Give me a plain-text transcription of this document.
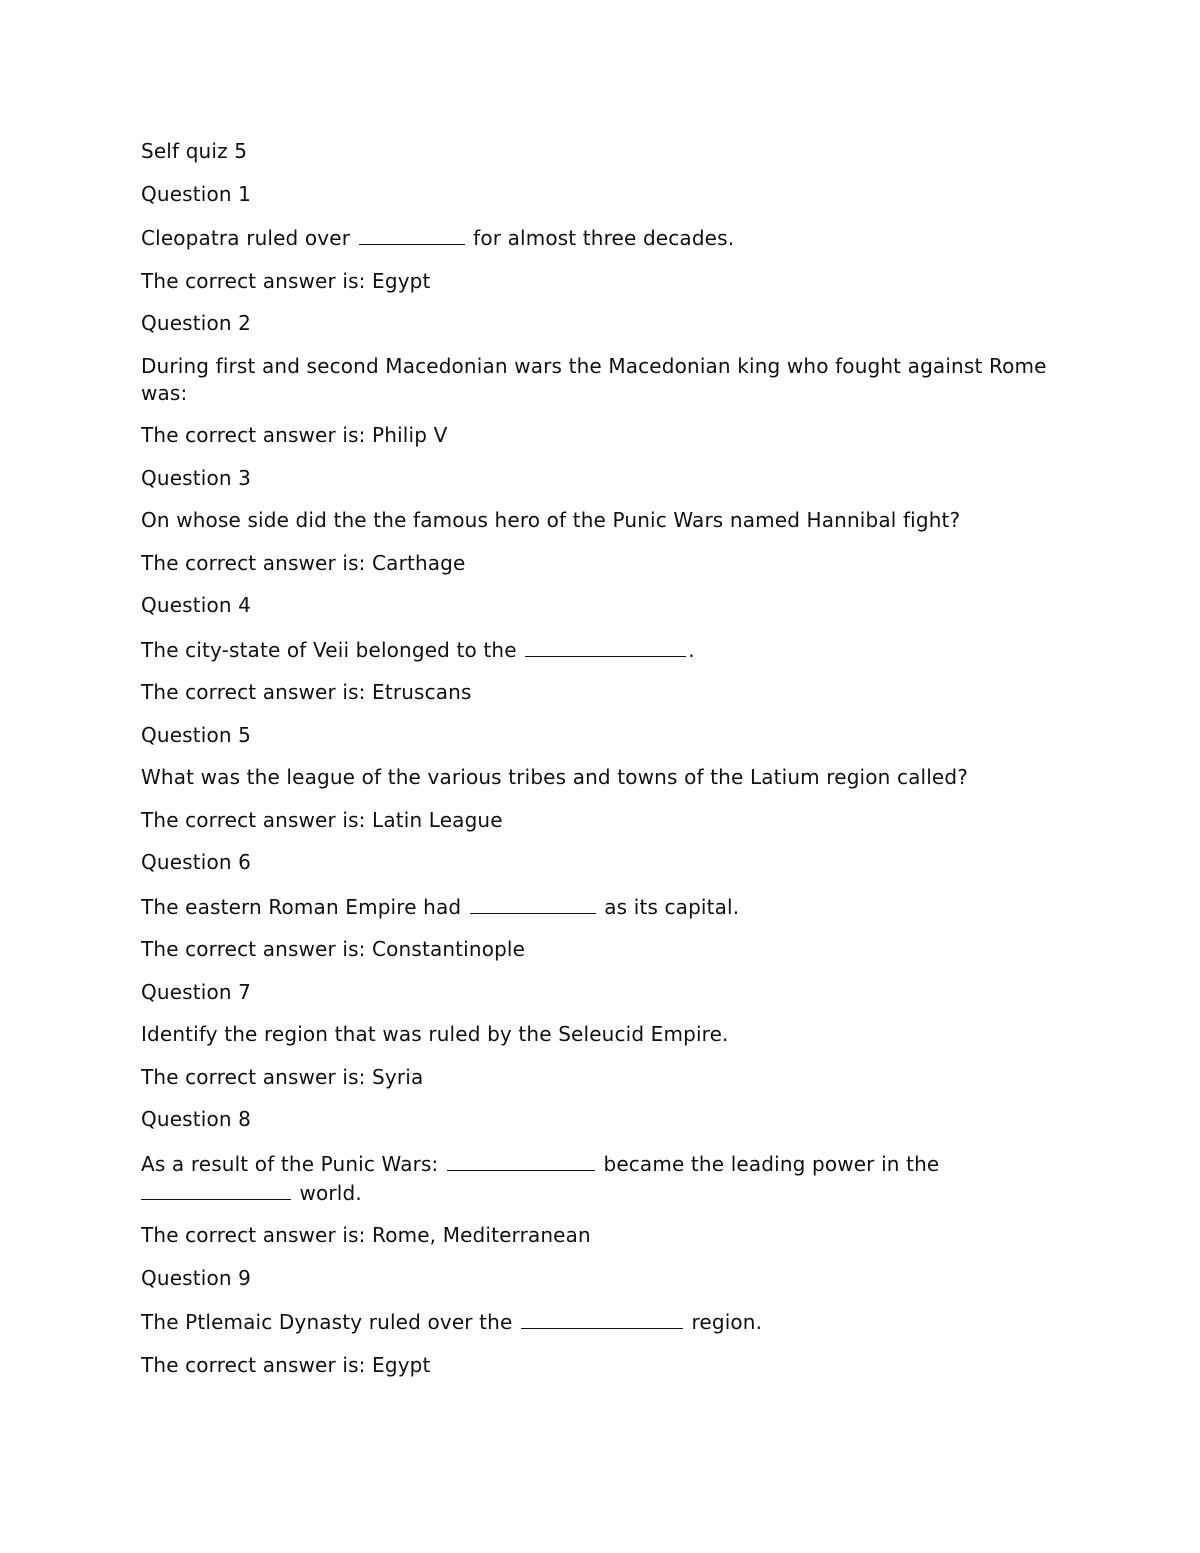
Self quiz 5

Question 1

Cleopatra ruled over	for almost three decades.

The correct answer is: Egypt

Question 2

During first and second Macedonian wars the Macedonian king who fought against Rome was:

The correct answer is: Philip V

Question 3

On whose side did the the famous hero of the Punic Wars named Hannibal fight?

The correct answer is: Carthage

Question 4

The city-state of Veii belonged to the	.

The correct answer is: Etruscans

Question 5

What was the league of the various tribes and towns of the Latium region called?

The correct answer is: Latin League

Question 6

The eastern Roman Empire had	as its capital.

The correct answer is: Constantinople

Question 7

Identify the region that was ruled by the Seleucid Empire.

The correct answer is: Syria

Question 8

As a result of the Punic Wars:	became the leading power in the
world.

The correct answer is: Rome, Mediterranean

Question 9

The Ptlemaic Dynasty ruled over the	region.

The correct answer is: Egypt
